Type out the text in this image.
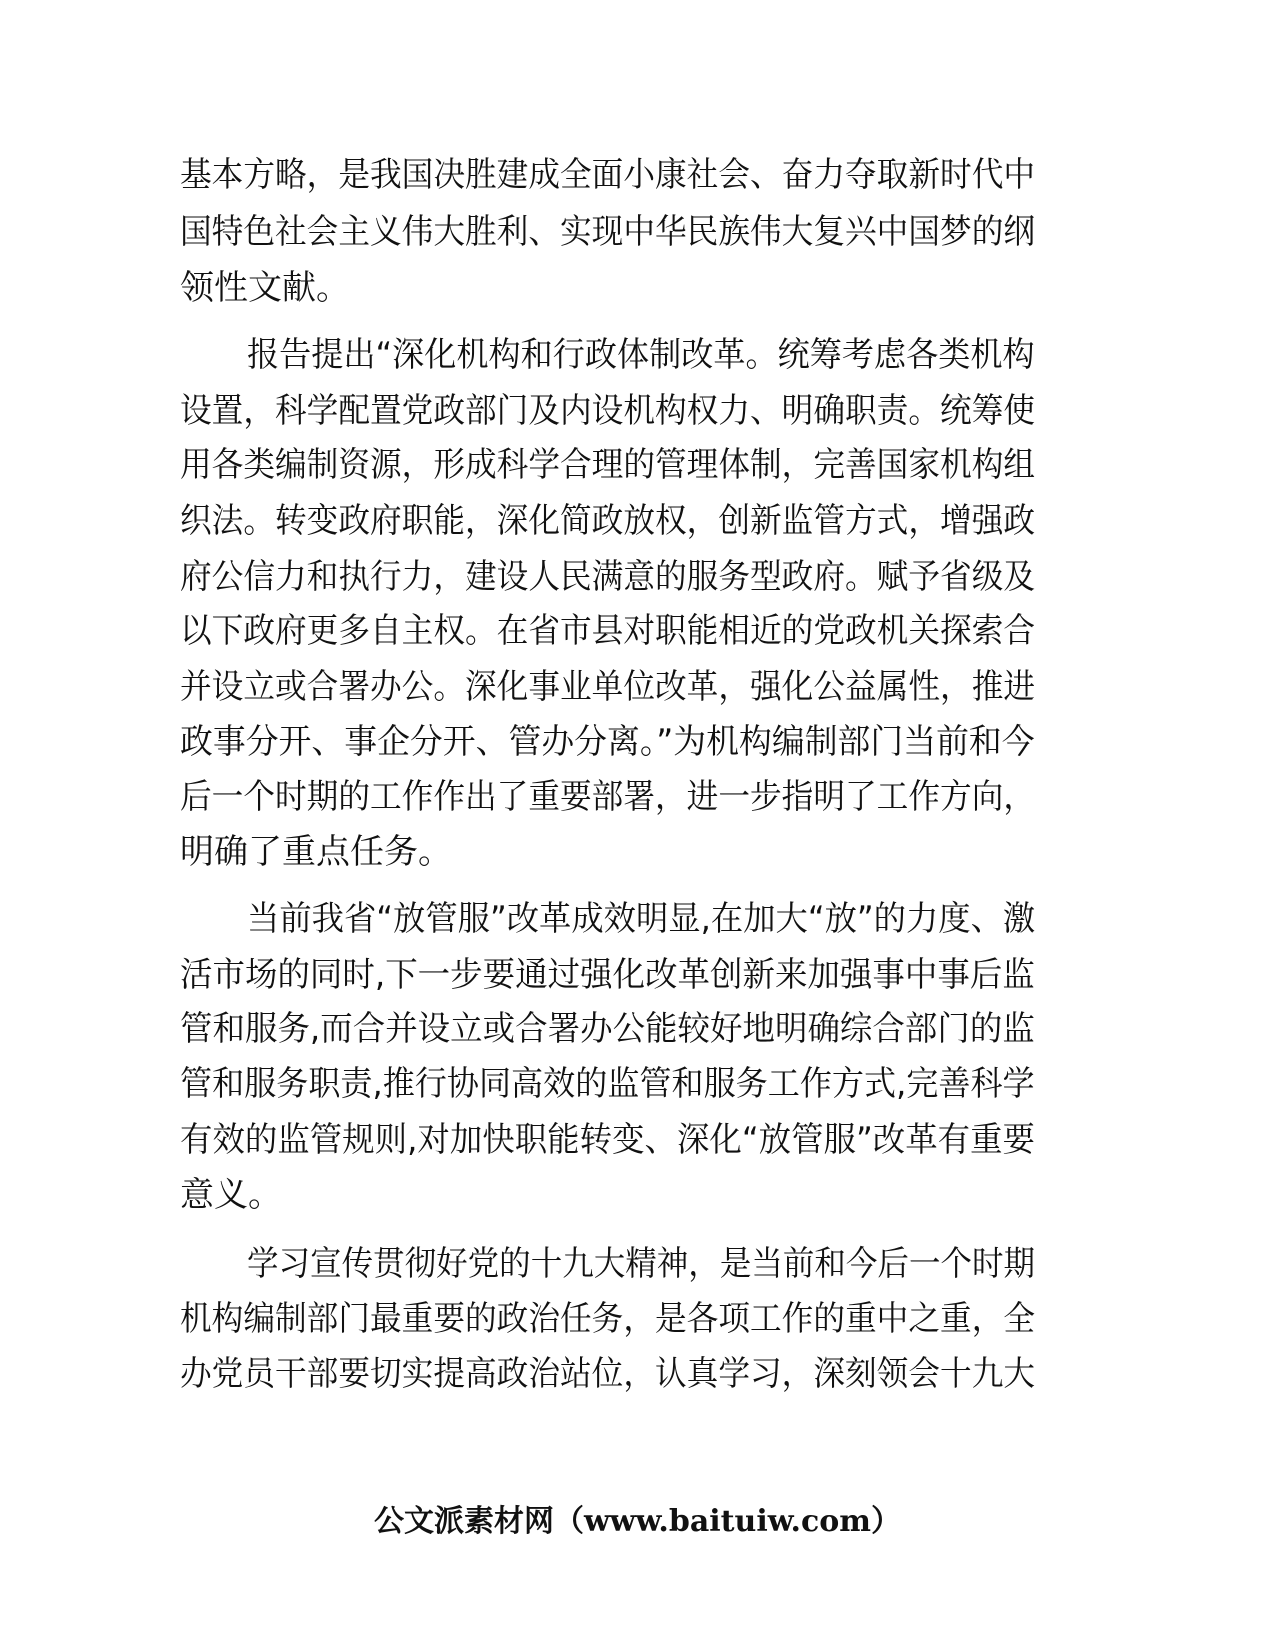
基本方略，是我国决胜建成全面小康社会、奋力夺取新时代中
国特色社会主义伟大胜利、实现中华民族伟大复兴中国梦的纲
领性文献。
报告提出“深化机构和行政体制改革。统筹考虑各类机构
设置，科学配置党政部门及内设机构权力、明确职责。统筹使
用各类编制资源，形成科学合理的管理体制，完善国家机构组
织法。转变政府职能，深化简政放权，创新监管方式，增强政
府公信力和执行力，建设人民满意的服务型政府。赋予省级及
以下政府更多自主权。在省市县对职能相近的党政机关探索合
并设立或合署办公。深化事业单位改革，强化公益属性，推进
政事分开、事企分开、管办分离。”为机构编制部门当前和今
后一个时期的工作作出了重要部署，进一步指明了工作方向，
明确了重点任务。
当前我省“放管服”改革成效明显,在加大“放”的力度、激
活市场的同时,下一步要通过强化改革创新来加强事中事后监
管和服务,而合并设立或合署办公能较好地明确综合部门的监
管和服务职责,推行协同高效的监管和服务工作方式,完善科学
有效的监管规则,对加快职能转变、深化“放管服”改革有重要
意义。
学习宣传贯彻好党的十九大精神，是当前和今后一个时期
机构编制部门最重要的政治任务，是各项工作的重中之重，全
办党员干部要切实提高政治站位，认真学习，深刻领会十九大
公文派素材网（www.baituiw.com）
